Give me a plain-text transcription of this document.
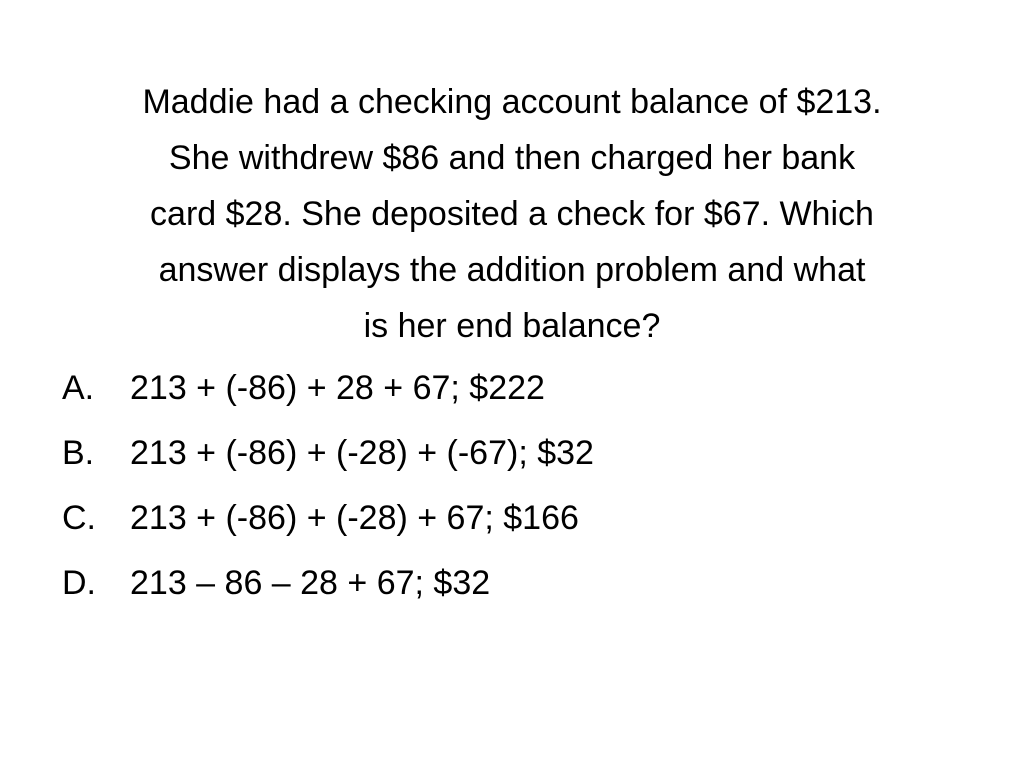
Maddie had a checking account balance of $213.
She withdrew $86 and then charged her bank
card $28. She deposited a check for $67. Which
answer displays the addition problem and what
is her end balance?
A.	213 + (-86) + 28 + 67; $222
B.	213 + (-86) + (-28) + (-67); $32
C.	213 + (-86) + (-28) + 67; $166
D.	213 – 86 – 28 + 67; $32
